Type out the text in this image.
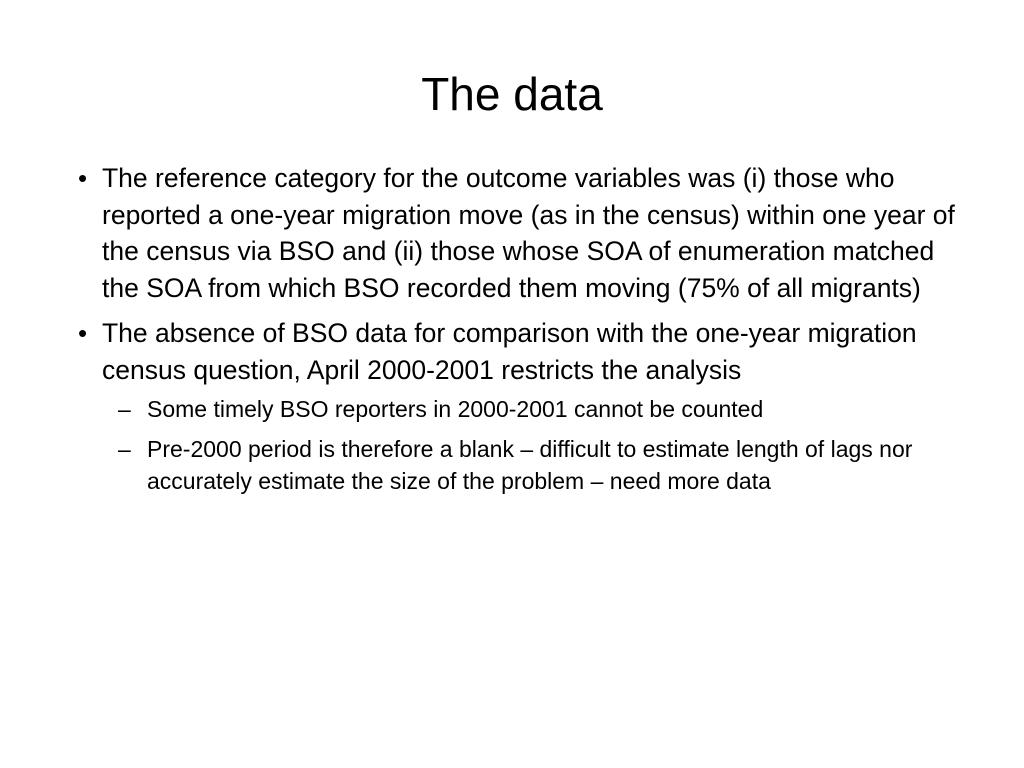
The data
• The reference category for the outcome variables was (i) those who reported a one-year migration move (as in the census) within one year of the census via BSO and (ii) those whose SOA of enumeration matched the SOA from which BSO recorded them moving (75% of all migrants)
• The absence of BSO data for comparison with the one-year migration census question, April 2000-2001 restricts the analysis
– Some timely BSO reporters in 2000-2001 cannot be counted
– Pre-2000 period is therefore a blank – difficult to estimate length of lags nor accurately estimate the size of the problem – need more data
